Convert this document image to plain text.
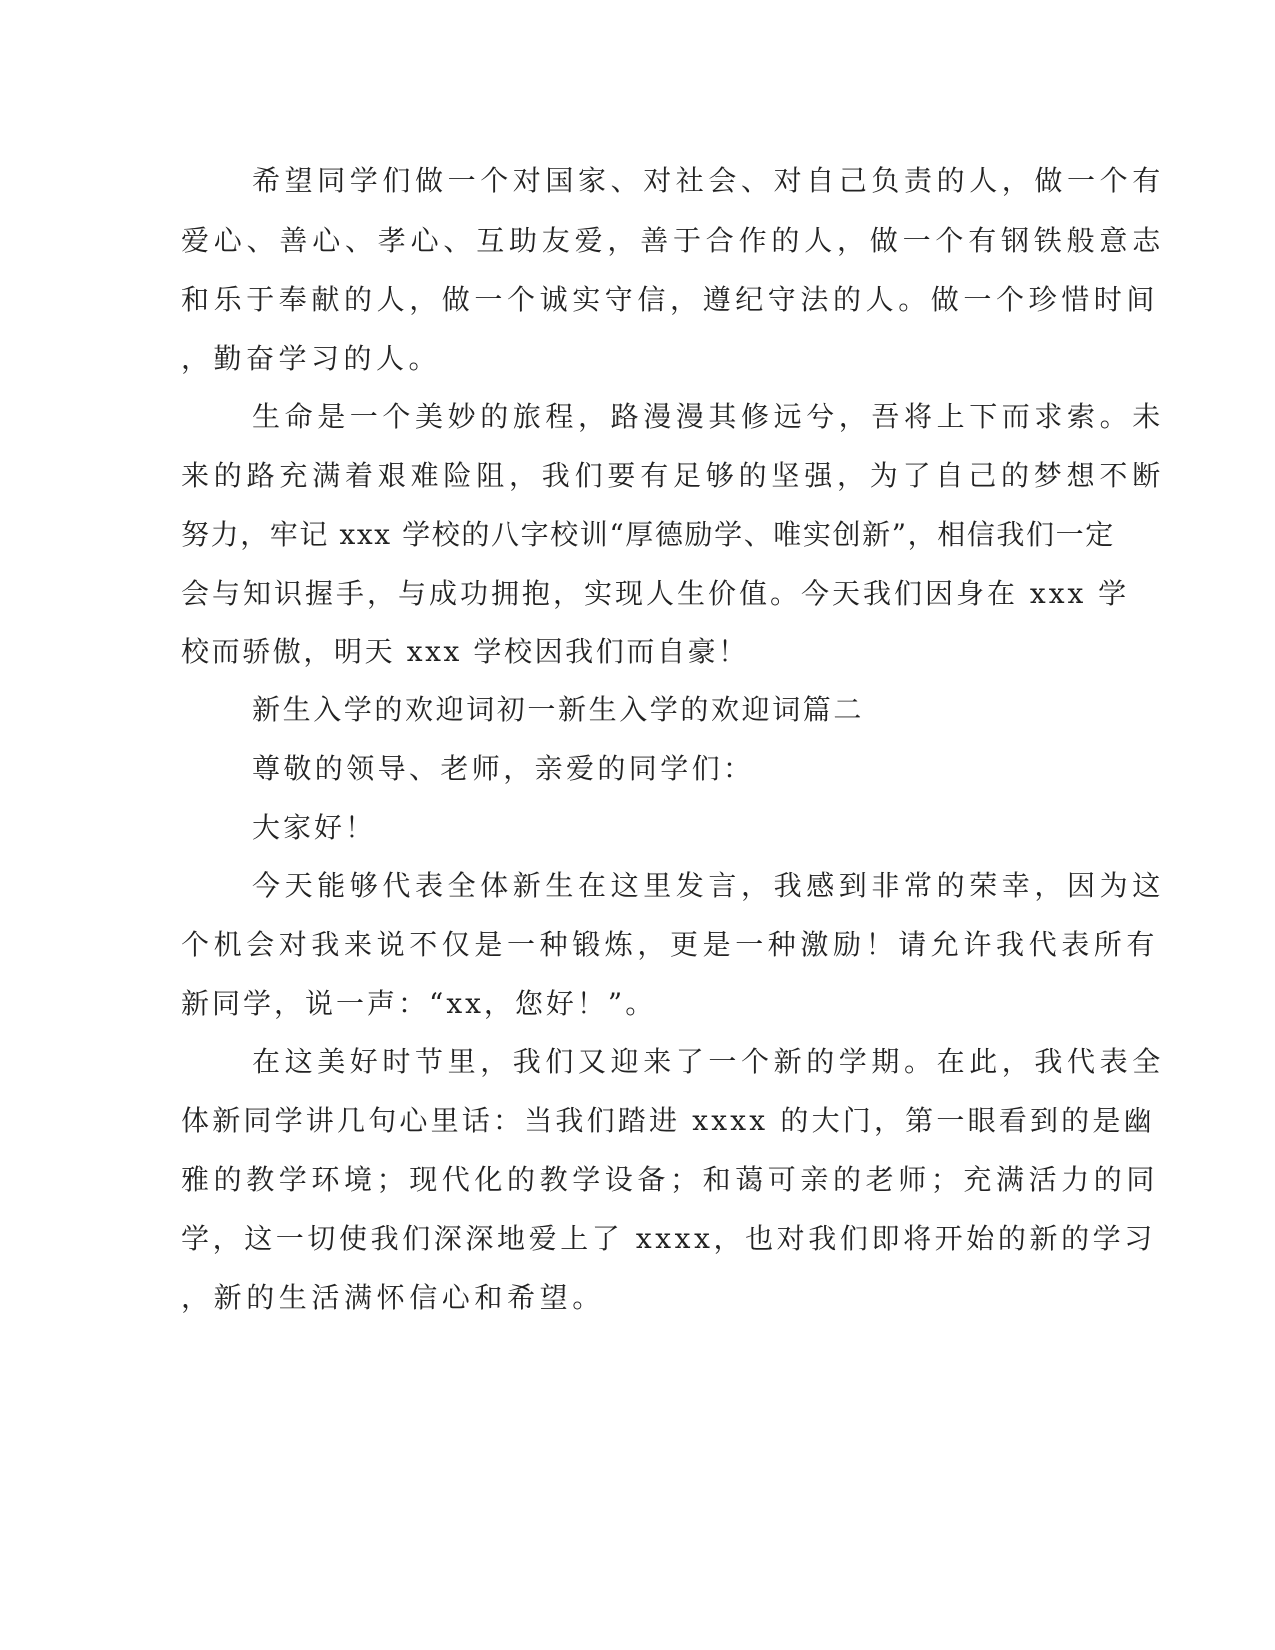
希望同学们做一个对国家、对社会、对自己负责的人，做一个有
爱心、善心、孝心、互助友爱，善于合作的人，做一个有钢铁般意志
和乐于奉献的人，做一个诚实守信，遵纪守法的人。做一个珍惜时间
，勤奋学习的人。
生命是一个美妙的旅程，路漫漫其修远兮，吾将上下而求索。未
来的路充满着艰难险阻，我们要有足够的坚强，为了自己的梦想不断
努力，牢记 xxx 学校的八字校训“厚德励学、唯实创新”，相信我们一定
会与知识握手，与成功拥抱，实现人生价值。今天我们因身在 xxx 学
校而骄傲，明天 xxx 学校因我们而自豪！
新生入学的欢迎词初一新生入学的欢迎词篇二
尊敬的领导、老师，亲爱的同学们：
大家好！
今天能够代表全体新生在这里发言，我感到非常的荣幸，因为这
个机会对我来说不仅是一种锻炼，更是一种激励！请允许我代表所有
新同学，说一声：“xx，您好！”。
在这美好时节里，我们又迎来了一个新的学期。在此，我代表全
体新同学讲几句心里话：当我们踏进 xxxx 的大门，第一眼看到的是幽
雅的教学环境；现代化的教学设备；和蔼可亲的老师；充满活力的同
学，这一切使我们深深地爱上了 xxxx，也对我们即将开始的新的学习
，新的生活满怀信心和希望。
